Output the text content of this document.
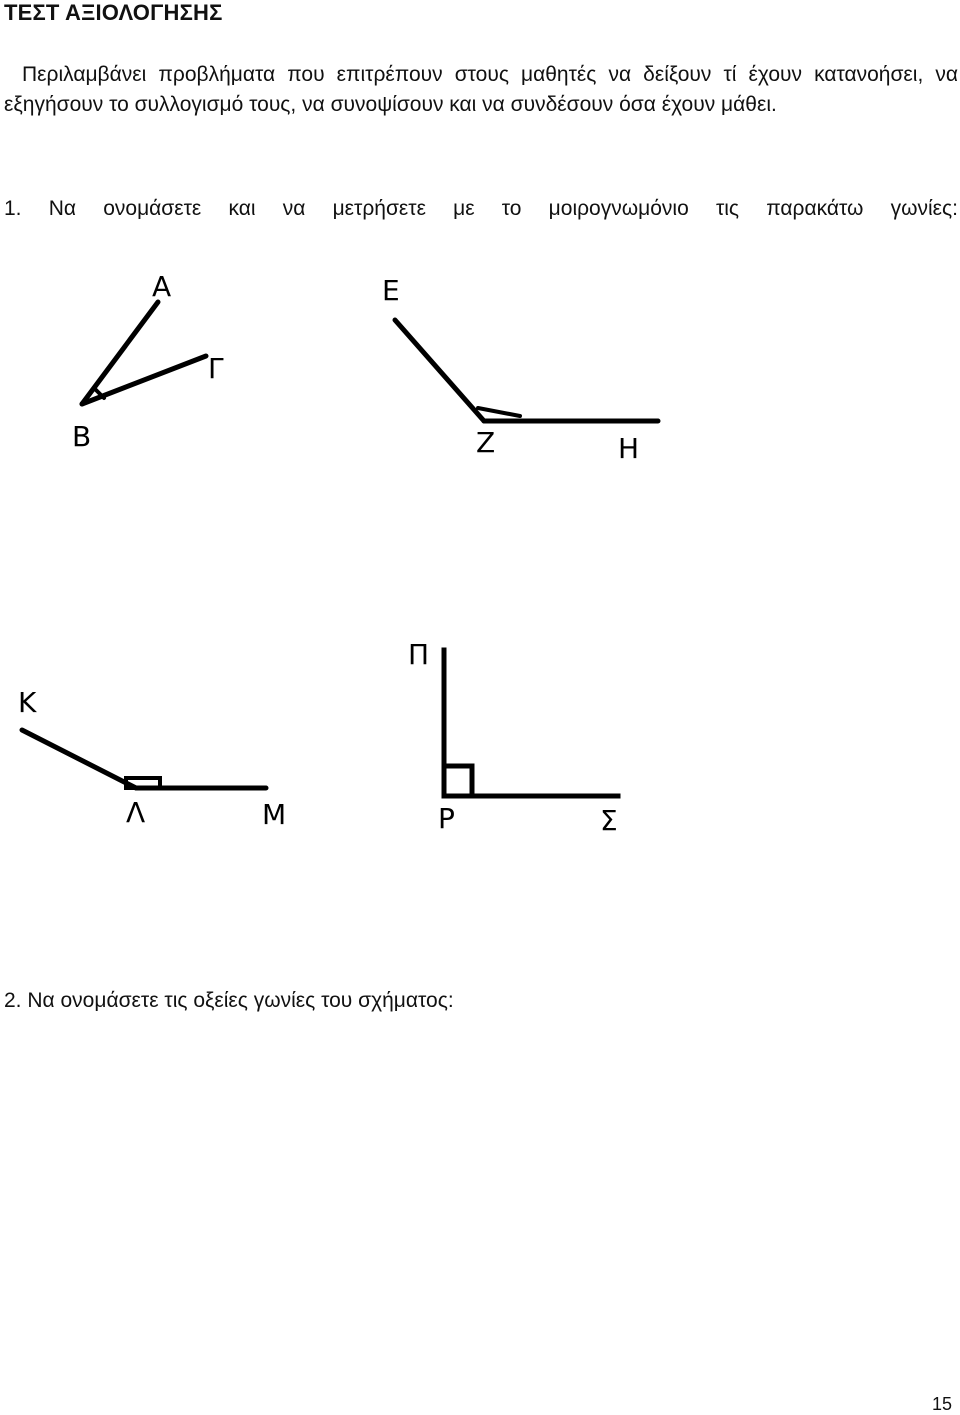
ΤΕΣΤ ΑΞΙΟΛΟΓΗΣΗΣ

Περιλαμβάνει προβλήματα που επιτρέπουν στους μαθητές να δείξουν τί έχουν κατανοήσει, να εξηγήσουν το συλλογισμό τους, να συνοψίσουν και να συνδέσουν όσα έχουν μάθει.

1. Να ονομάσετε και να μετρήσετε με το μοιρογνωμόνιο τις παρακάτω γωνίες:

Α
Β
Γ
Ε
Ζ	Η
Κ
Λ	Μ
Π
Ρ	Σ

2. Να ονομάσετε τις οξείες γωνίες του σχήματος:

15
